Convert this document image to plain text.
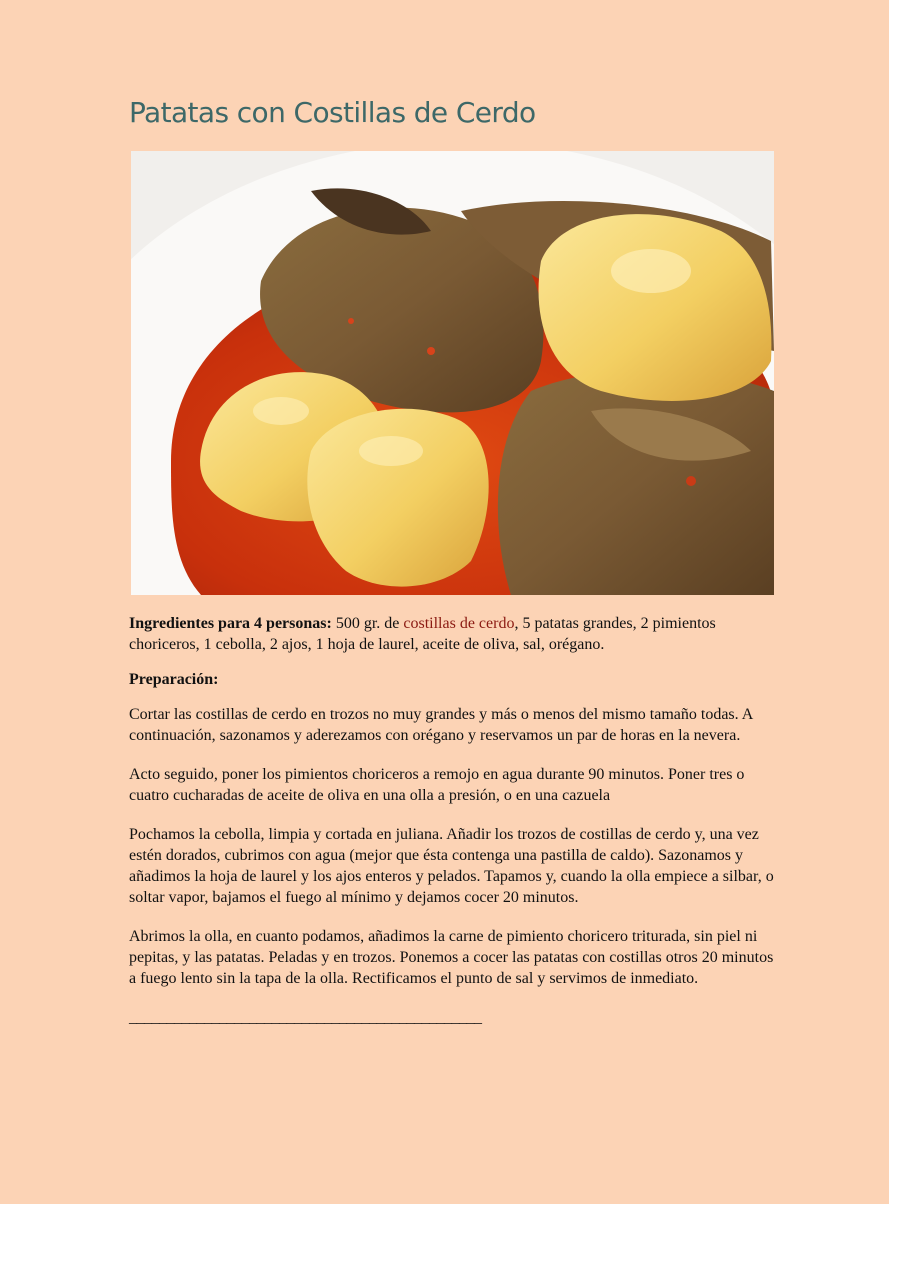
Patatas con Costillas de Cerdo

Ingredientes para 4 personas: 500 gr. de costillas de cerdo, 5 patatas grandes, 2 pimientos choriceros, 1 cebolla, 2 ajos, 1 hoja de laurel, aceite de oliva, sal, orégano.

Preparación:

Cortar las costillas de cerdo en trozos no muy grandes y más o menos del mismo tamaño todas. A continuación, sazonamos y aderezamos con orégano y reservamos un par de horas en la nevera.

Acto seguido, poner los pimientos choriceros a remojo en agua durante 90 minutos. Poner tres o cuatro cucharadas de aceite de oliva en una olla a presión, o en una cazuela

Pochamos la cebolla, limpia y cortada en juliana. Añadir los trozos de costillas de cerdo y, una vez estén dorados, cubrimos con agua (mejor que ésta contenga una pastilla de caldo). Sazonamos y añadimos la hoja de laurel y los ajos enteros y pelados. Tapamos y, cuando la olla empiece a silbar, o soltar vapor, bajamos el fuego al mínimo y dejamos cocer 20 minutos.

Abrimos la olla, en cuanto podamos, añadimos la carne de pimiento choricero triturada, sin piel ni pepitas, y las patatas. Peladas y en trozos. Ponemos a cocer las patatas con costillas otros 20 minutos a fuego lento sin la tapa de la olla. Rectificamos el punto de sal y servimos de inmediato.

_______________________________________________
